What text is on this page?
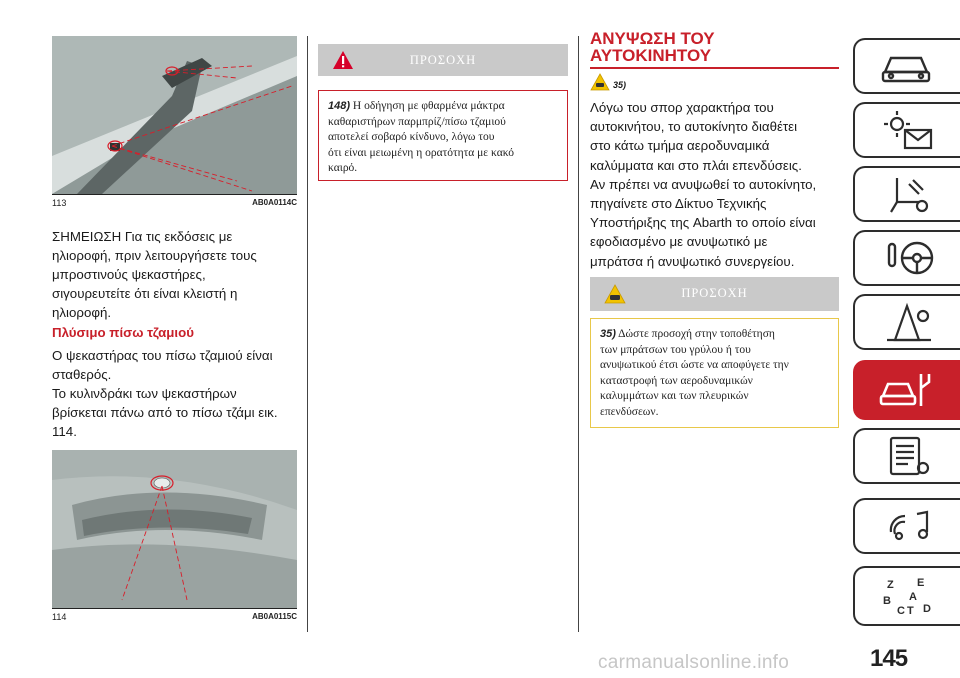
113	AB0A0114C
ΣΗΜΕΙΩΣΗ Για τις εκδόσεις με
ηλιοροφή, πριν λειτουργήσετε τους
μπροστινούς ψεκαστήρες,
σιγουρευτείτε ότι είναι κλειστή η
ηλιοροφή.
Πλύσιμο πίσω τζαμιού
Ο ψεκαστήρας του πίσω τζαμιού είναι
σταθερός.
Το κυλινδράκι των ψεκαστήρων
βρίσκεται πάνω από το πίσω τζάμι εικ.
114.
114	AB0A0115C
ΠΡΟΣΟΧΗ
148) Η οδήγηση με φθαρμένα μάκτρα
καθαριστήρων παρμπρίζ/πίσω τζαμιού
αποτελεί σοβαρό κίνδυνο, λόγω του
ότι είναι μειωμένη η ορατότητα με κακό
καιρό.
ΑΝΥΨΩΣΗ ΤΟΥ
ΑΥΤΟΚΙΝΗΤΟΥ
35)
Λόγω του σπορ χαρακτήρα του
αυτοκινήτου, το αυτοκίνητο διαθέτει
στο κάτω τμήμα αεροδυναμικά
καλύμματα και στο πλάι επενδύσεις.
Αν πρέπει να ανυψωθεί το αυτοκίνητο,
πηγαίνετε στο Δίκτυο Τεχνικής
Υποστήριξης της Abarth το οποίο είναι
εφοδιασμένο με ανυψωτικό με
μπράτσα ή ανυψωτικό συνεργείου.
ΠΡΟΣΟΧΗ
35) Δώστε προσοχή στην τοποθέτηση
των μπράτσων του γρύλου ή του
ανυψωτικού έτσι ώστε να αποφύγετε την
καταστροφή των αεροδυναμικών
καλυμμάτων και των πλευρικών
επενδύσεων.
Z E
B A
C T D
145
carmanualsonline.info
